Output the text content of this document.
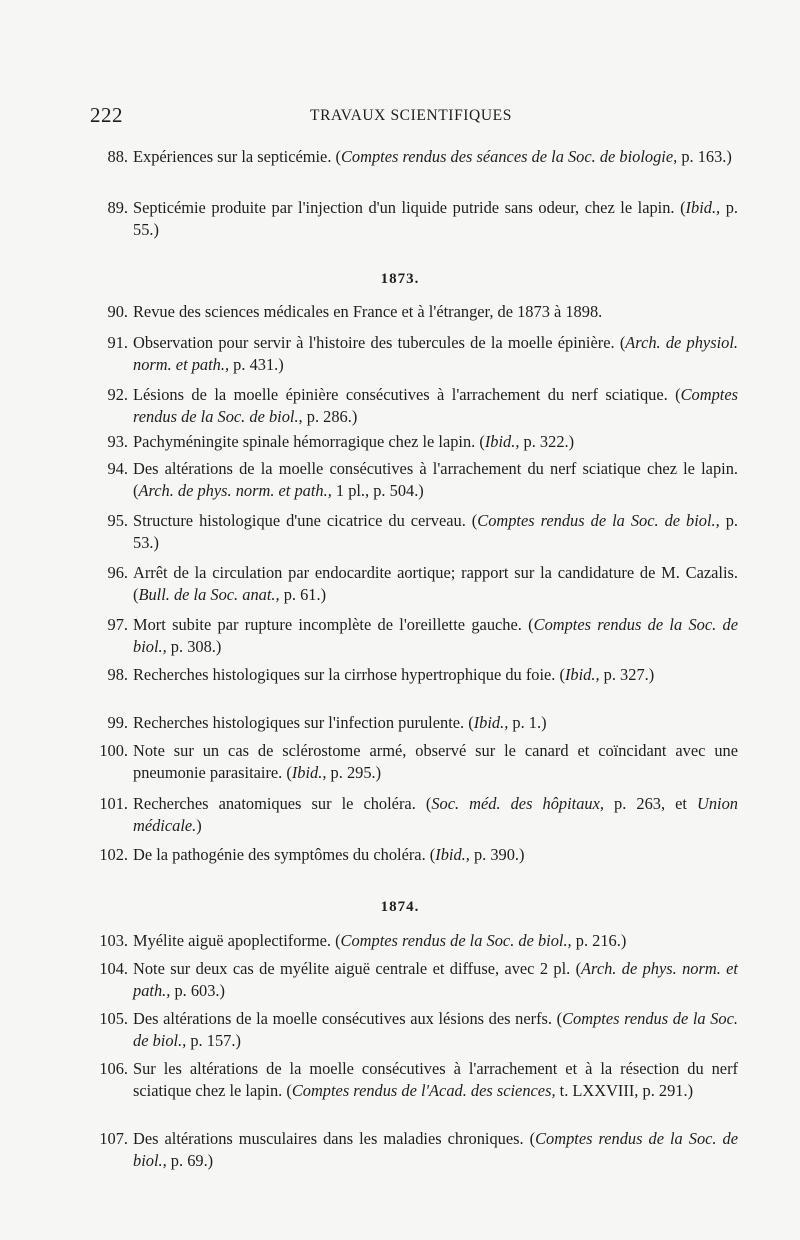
222	TRAVAUX SCIENTIFIQUES
88. Expériences sur la septicémie. (Comptes rendus des séances de la Soc. de biologie, p. 163.)
89. Septicémie produite par l'injection d'un liquide putride sans odeur, chez le lapin. (Ibid., p. 55.)
90. Revue des sciences médicales en France et à l'étranger, de 1873 à 1898.
91. Observation pour servir à l'histoire des tubercules de la moelle épinière. (Arch. de physiol. norm. et path., p. 431.)
92. Lésions de la moelle épinière consécutives à l'arrachement du nerf sciatique. (Comptes rendus de la Soc. de biol., p. 286.)
93. Pachyméningite spinale hémorragique chez le lapin. (Ibid., p. 322.)
94. Des altérations de la moelle consécutives à l'arrachement du nerf sciatique chez le lapin. (Arch. de phys. norm. et path., 1 pl., p. 504.)
95. Structure histologique d'une cicatrice du cerveau. (Comptes rendus de la Soc. de biol., p. 53.)
96. Arrêt de la circulation par endocardite aortique; rapport sur la candidature de M. Cazalis. (Bull. de la Soc. anat., p. 61.)
97. Mort subite par rupture incomplète de l'oreillette gauche. (Comptes rendus de la Soc. de biol., p. 308.)
98. Recherches histologiques sur la cirrhose hypertrophique du foie. (Ibid., p. 327.)
99. Recherches histologiques sur l'infection purulente. (Ibid., p. 1.)
100. Note sur un cas de sclérostome armé, observé sur le canard et coïncidant avec une pneumonie parasitaire. (Ibid., p. 295.)
101. Recherches anatomiques sur le choléra. (Soc. méd. des hôpitaux, p. 263, et Union médicale.)
102. De la pathogénie des symptômes du choléra. (Ibid., p. 390.)
103. Myélite aiguë apoplectiforme. (Comptes rendus de la Soc. de biol., p. 216.)
104. Note sur deux cas de myélite aiguë centrale et diffuse, avec 2 pl. (Arch. de phys. norm. et path., p. 603.)
105. Des altérations de la moelle consécutives aux lésions des nerfs. (Comptes rendus de la Soc. de biol., p. 157.)
106. Sur les altérations de la moelle consécutives à l'arrachement et à la résection du nerf sciatique chez le lapin. (Comptes rendus de l'Acad. des sciences, t. LXXVIII, p. 291.)
107. Des altérations musculaires dans les maladies chroniques. (Comptes rendus de la Soc. de biol., p. 69.)
1873.
1874.
